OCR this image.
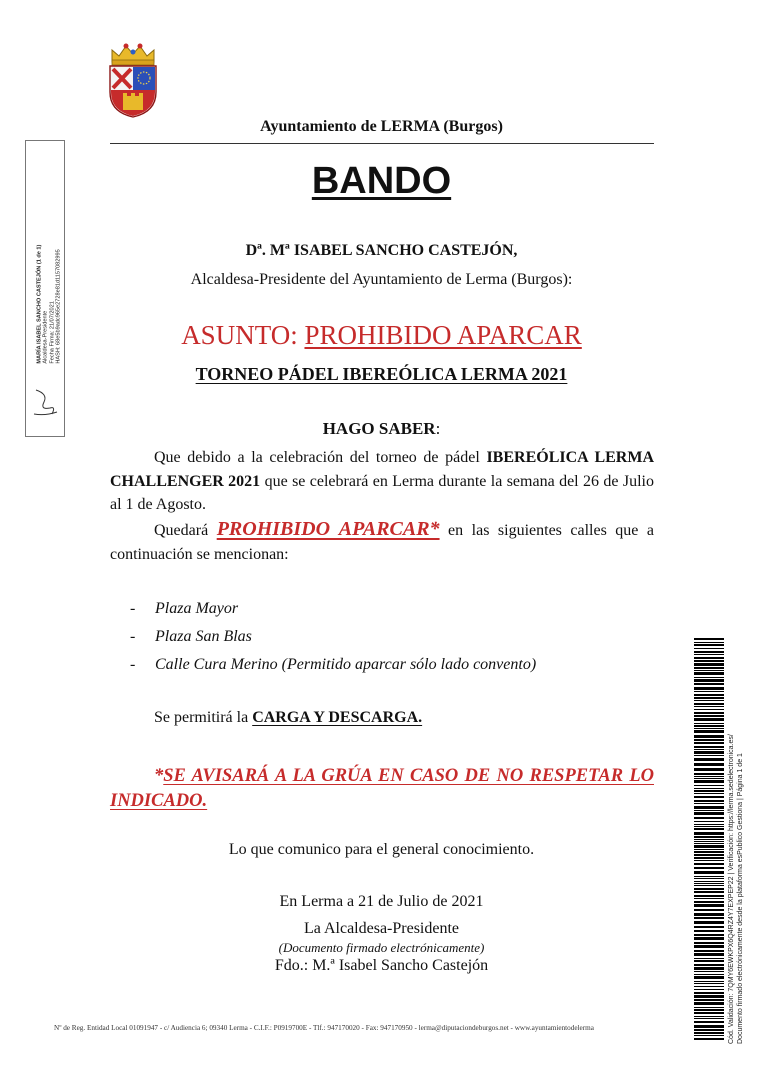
Ayuntamiento de LERMA (Burgos)
BANDO
Dª. Mª ISABEL SANCHO CASTEJÓN,
Alcaldesa-Presidente del Ayuntamiento de Lerma (Burgos):
ASUNTO: PROHIBIDO APARCAR
TORNEO PÁDEL IBEREÓLICA LERMA 2021
HAGO SABER:
Que debido a la celebración del torneo de pádel IBEREÓLICA LERMA CHALLENGER 2021 que se celebrará en Lerma durante la semana del 26 de Julio al 1 de Agosto.
Quedará PROHIBIDO APARCAR* en las siguientes calles que a continuación se mencionan:
- Plaza Mayor
- Plaza San Blas
- Calle Cura Merino (Permitido aparcar sólo lado convento)
Se permitirá la CARGA Y DESCARGA.
*SE AVISARÁ A LA GRÚA EN CASO DE NO RESPETAR LO INDICADO.
Lo que comunico para el general conocimiento.
En Lerma a 21 de Julio de 2021
La Alcaldesa-Presidente
(Documento firmado electrónicamente)
Fdo.: M.ª Isabel Sancho Castejón
Nº de Reg. Entidad Local 01091947 - c/ Audiencia 6; 09340 Lerma - C.I.F.: P0919700E - Tlf.: 947170020 - Fax: 947170950 - lerma@diputaciondeburgos.net - www.ayuntamientodelerma
MARÍA ISABEL SANCHO CASTEJÓN (1 de 1) Alcaldesa-Presidente Fecha Firma: 21/07/2021 HASH: 68e5b9adc965e2728e81d1157082995
Cód. Validación: 7QMY6EWKPX6Q4RZ4Y7EXPEP22 | Verificación: https://lerma.sedelectronica.es/ Documento firmado electrónicamente desde la plataforma esPublico Gestiona | Página 1 de 1
